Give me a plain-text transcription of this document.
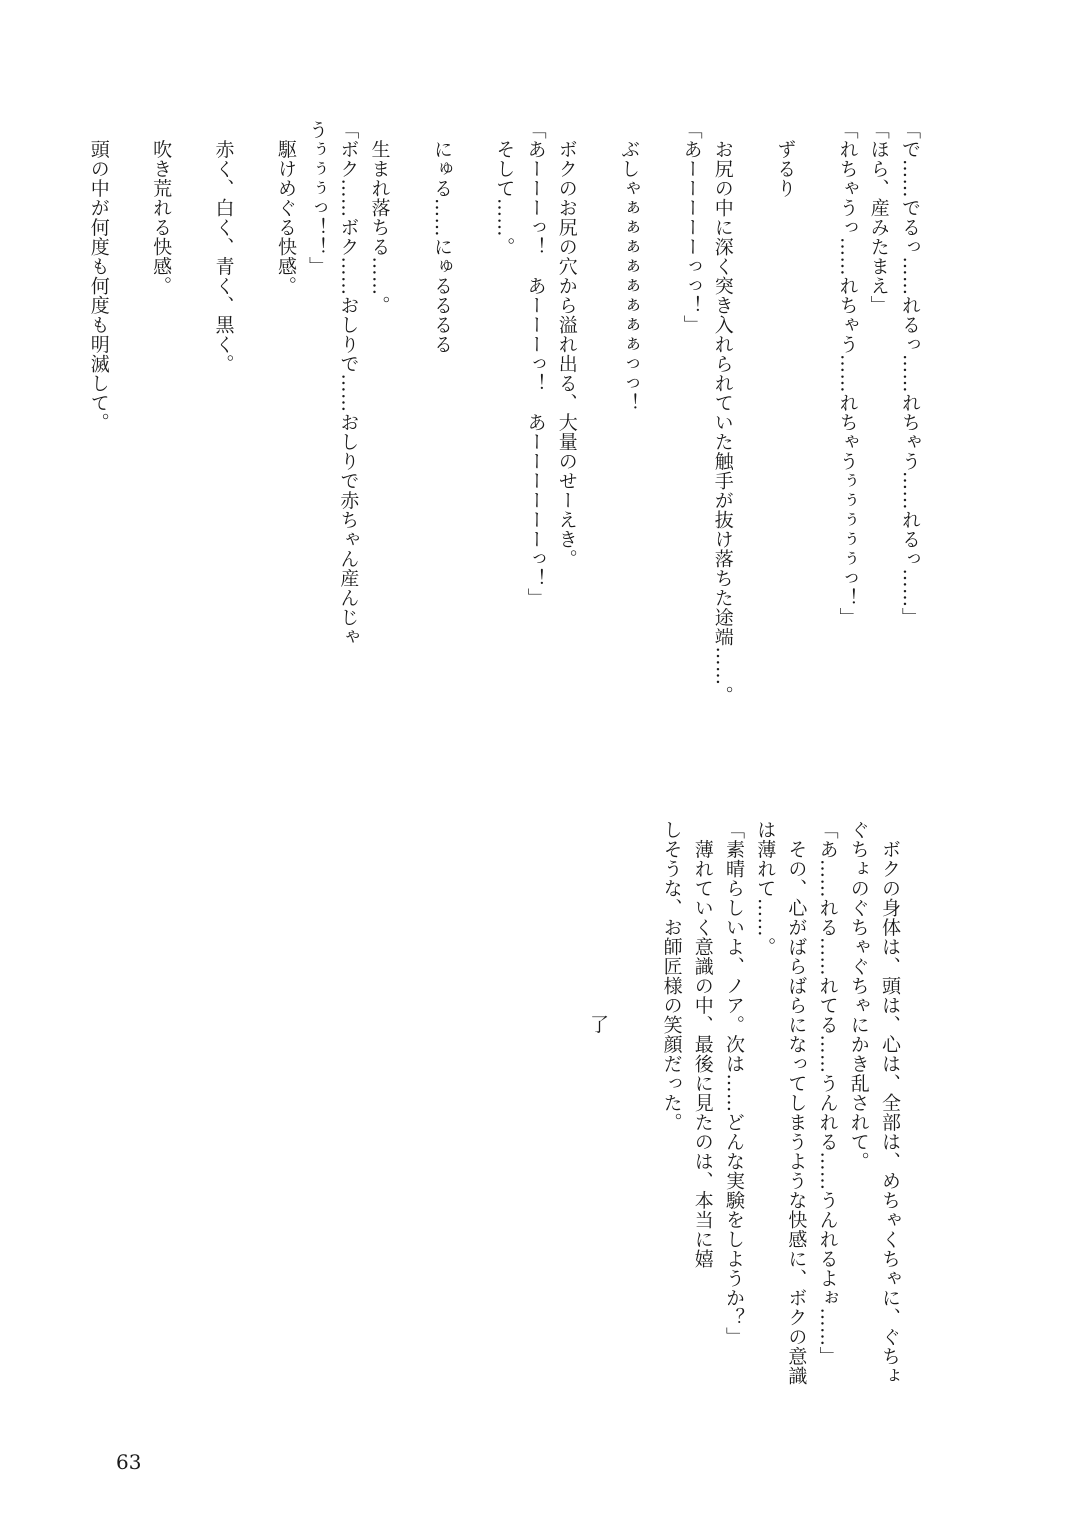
「で……でるっ……れるっ……れちゃう……れるっ……」
「ほら、産みたまえ」
「れちゃうっ……れちゃう……れちゃうぅぅぅぅぅっ！」

　ずるり

　お尻の中に深く突き入れられていた触手が抜け落ちた途端……。
「あーーーーーっっ！」

　ぶしゃぁぁぁぁぁぁぁぁっっ！

　ボクのお尻の穴から溢れ出る、大量のせーえき。
「あーーーっ！　あーーーっ！　あーーーーーーっ！」
　そして……。

　にゅる……にゅるるるる

　生まれ落ちる……。
「ボク……ボク……おしりで……おしりで赤ちゃん産んじゃ
うぅぅぅっ！！」
　駆けめぐる快感。

　赤く、白く、青く、黒く。

　吹き荒れる快感。

　頭の中が何度も何度も明滅して。
　ボクの身体は、頭は、心は、全部は、めちゃくちゃに、ぐちょ
ぐちょのぐちゃぐちゃにかき乱されて。
「あ……れる……れてる……うんれる……うんれるよぉ……」
　その、心がばらばらになってしまうような快感に、ボクの意識
は薄れて……。
「素晴らしいよ、ノア。次は……どんな実験をしようか？」
　薄れていく意識の中、最後に見たのは、本当に嬉
しそうな、お師匠様の笑顔だった。
了
63
